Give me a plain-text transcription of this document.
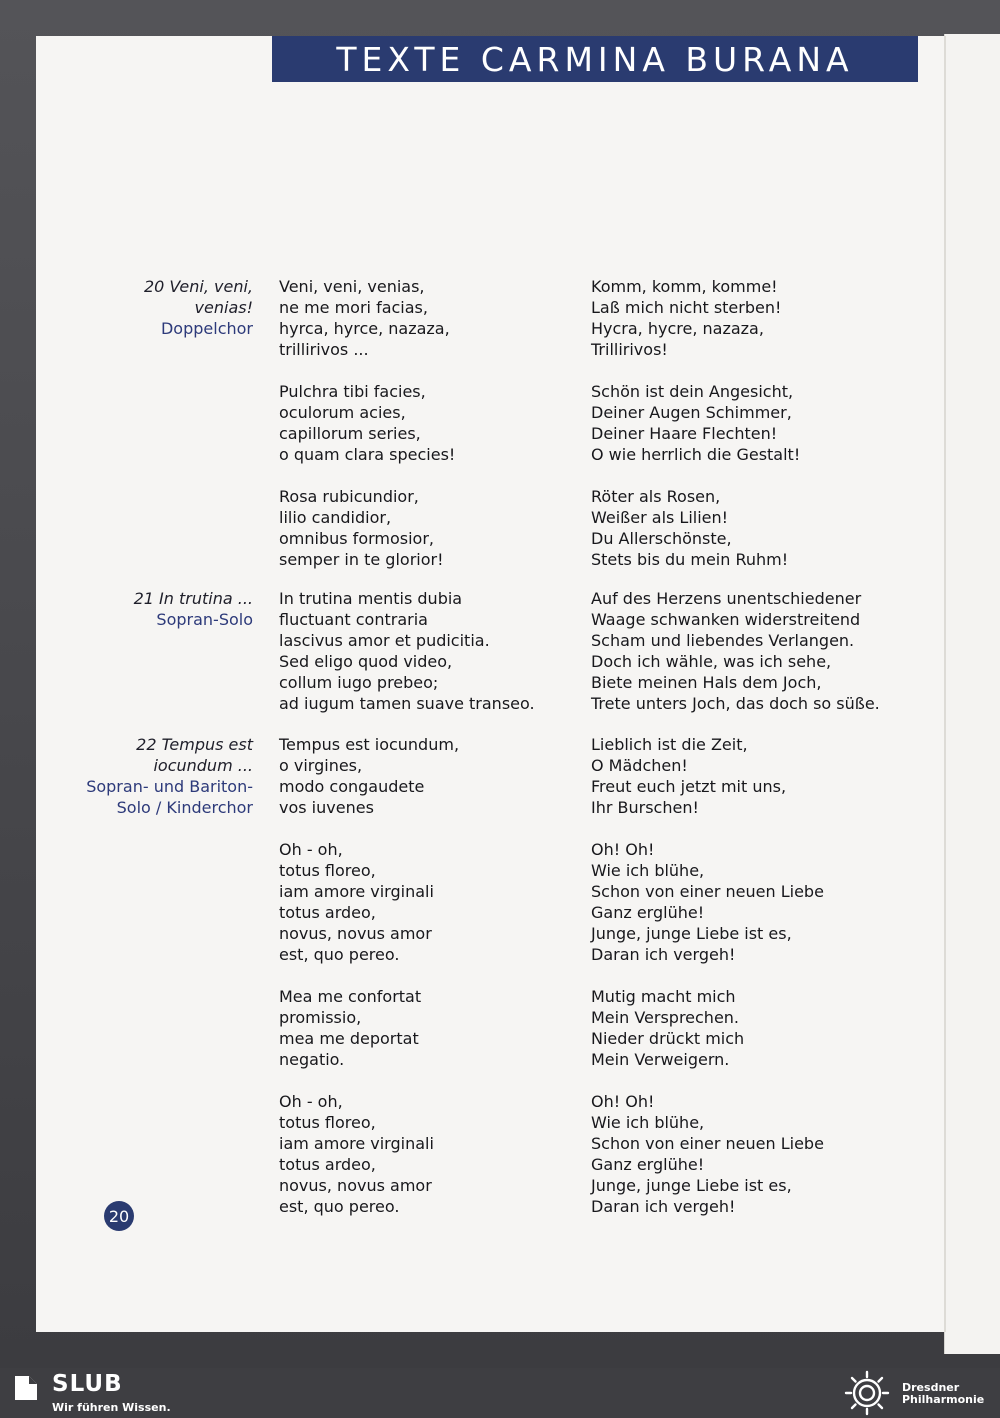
TEXTE CARMINA BURANA
20 Veni, veni, venias!
Doppelchor

Veni, veni, venias,
ne me mori facias,
hyrca, hyrce, nazaza,
trillirivos ...

Pulchra tibi facies,
oculorum acies,
capillorum series,
o quam clara species!

Rosa rubicundior,
lilio candidior,
omnibus formosior,
semper in te glorior!

Komm, komm, komme!
Laß mich nicht sterben!
Hycra, hycre, nazaza,
Trillirivos!

Schön ist dein Angesicht,
Deiner Augen Schimmer,
Deiner Haare Flechten!
O wie herrlich die Gestalt!

Röter als Rosen,
Weißer als Lilien!
Du Allerschönste,
Stets bis du mein Ruhm!

21 In trutina ...
Sopran-Solo

In trutina mentis dubia
fluctuant contraria
lascivus amor et pudicitia.
Sed eligo quod video,
collum iugo prebeo;
ad iugum tamen suave transeo.

Auf des Herzens unentschiedener
Waage schwanken widerstreitend
Scham und liebendes Verlangen.
Doch ich wähle, was ich sehe,
Biete meinen Hals dem Joch,
Trete unters Joch, das doch so süße.

22 Tempus est iocundum ...
Sopran- und Bariton-Solo / Kinderchor

Tempus est iocundum,
o virgines,
modo congaudete
vos iuvenes

Oh - oh,
totus floreo,
iam amore virginali
totus ardeo,
novus, novus amor
est, quo pereo.

Mea me confortat
promissio,
mea me deportat
negatio.

Oh - oh,
totus floreo,
iam amore virginali
totus ardeo,
novus, novus amor
est, quo pereo.

Lieblich ist die Zeit,
O Mädchen!
Freut euch jetzt mit uns,
Ihr Burschen!

Oh! Oh!
Wie ich blühe,
Schon von einer neuen Liebe
Ganz erglühe!
Junge, junge Liebe ist es,
Daran ich vergeh!

Mutig macht mich
Mein Versprechen.
Nieder drückt mich
Mein Verweigern.

Oh! Oh!
Wie ich blühe,
Schon von einer neuen Liebe
Ganz erglühe!
Junge, junge Liebe ist es,
Daran ich vergeh!

20
SLUB
Wir führen Wissen.
Dresdner
Philharmonie
